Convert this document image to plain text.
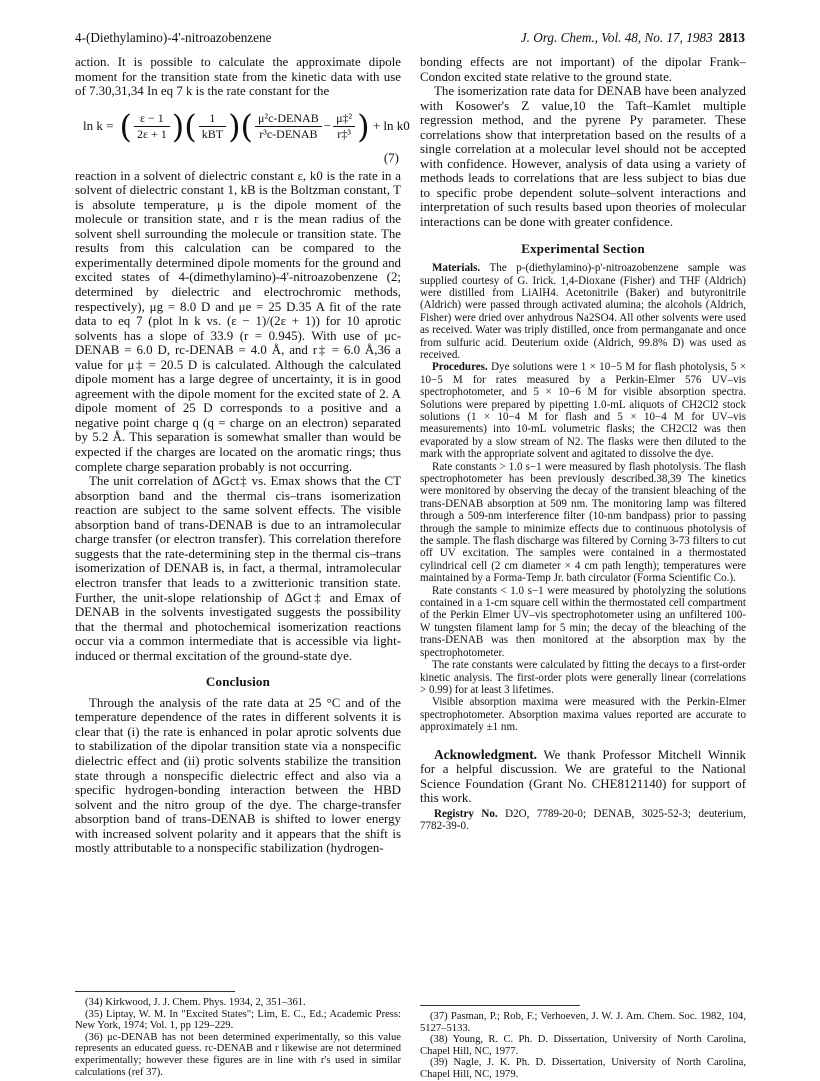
4-(Diethylamino)-4'-nitroazobenzene	J. Org. Chem., Vol. 48, No. 17, 1983 2813

action. It is possible to calculate the approximate dipole moment for the transition state from the kinetic data with use of 7.30,31,34 In eq 7 k is the rate constant for the

ln k = ( $\frac{\varepsilon - 1}{2\varepsilon + 1}$ )( $\frac{1}{\text{kBT}}$ )( $\frac{\text{μ²c-DENAB}}{\text{r³c-DENAB}} - \frac{\text{μ‡²}}{\text{r‡³}}$ ) + ln k0
(7)

reaction in a solvent of dielectric constant ε, k0 is the rate in a solvent of dielectric constant 1, kB is the Boltzman constant, T is absolute temperature, μ is the dipole moment of the molecule or transition state, and r is the mean radius of the solvent shell surrounding the molecule or transition state. The results from this calculation can be compared to the experimentally determined dipole moments for the ground and excited states of 4-(dimethylamino)-4'-nitroazobenzene (2; determined by dielectric and electrochromic methods, respectively), μg = 8.0 D and μe = 25 D.35 A fit of the rate data to eq 7 (plot ln k vs. (ε − 1)/(2ε + 1)) for 10 aprotic solvents has a slope of 33.9 (r = 0.945). With use of μc-DENAB = 6.0 D, rc-DENAB = 4.0 Å, and r‡ = 6.0 Å,36 a value for μ‡ = 20.5 D is calculated. Although the calculated dipole moment has a large degree of uncertainty, it is in good agreement with the dipole moment for the excited state of 2. A dipole moment of 25 D corresponds to a positive and a negative point charge q (q = charge on an electron) separated by 5.2 Å. This separation is somewhat smaller than would be expected if the charges are located on the aromatic rings; thus complete charge separation probably is not occurring.

The unit correlation of ΔGct‡ vs. Emax shows that the CT absorption band and the thermal cis–trans isomerization reaction are subject to the same solvent effects. The visible absorption band of trans-DENAB is due to an intramolecular charge transfer (or electron transfer). This correlation therefore suggests that the rate-determining step in the thermal cis–trans isomerization of DENAB is, in fact, a thermal, intramolecular electron transfer that leads to a zwitterionic transition state. Further, the unit-slope relationship of ΔGct‡ and Emax of DENAB in the solvents investigated suggests the possibility that the thermal and photochemical isomerization reactions occur via a common intermediate that is accessible via light-induced or thermal excitation of the ground-state dye.

Conclusion

Through the analysis of the rate data at 25 °C and of the temperature dependence of the rates in different solvents it is clear that (i) the rate is enhanced in polar aprotic solvents due to stabilization of the dipolar transition state via a nonspecific dielectric effect and (ii) protic solvents stabilize the transition state through a nonspecific dielectric effect and also via a specific hydrogen-bonding interaction between the HBD solvent and the nitro group of the dye. The charge-transfer absorption band of trans-DENAB is shifted to lower energy with increased solvent polarity and it appears that the shift is mostly attributable to a nonspecific stabilization (hydrogen-

bonding effects are not important) of the dipolar Frank–Condon excited state relative to the ground state.

The isomerization rate data for DENAB have been analyzed with Kosower's Z value,10 the Taft–Kamlet multiple regression method, and the pyrene Py parameter. These correlations show that interpretation based on the results of a single correlation at a molecular level should not be accepted with confidence. However, analysis of data using a variety of methods leads to correlations that are less subject to bias due to specific probe dependent solute–solvent interactions and interpretation of such results based upon theories of molecular interactions can be done with greater confidence.

Experimental Section

Materials. The p-(diethylamino)-p'-nitroazobenzene sample was supplied courtesy of G. Irick. 1,4-Dioxane (Fisher) and THF (Aldrich) were distilled from LiAlH4. Acetonitrile (Baker) and butyronitrile (Aldrich) were passed through activated alumina; the alcohols (Aldrich, Fisher) were dried over anhydrous Na2SO4. All other solvents were used as received. Water was triply distilled, once from permanganate and once from sulfuric acid. Deuterium oxide (Aldrich, 99.8% D) was used as received.

Procedures. Dye solutions were 1 × 10−5 M for flash photolysis, 5 × 10−5 M for rates measured by a Perkin-Elmer 576 UV–vis spectrophotometer, and 5 × 10−6 M for visible absorption spectra. Solutions were prepared by pipetting 1.0-mL aliquots of CH2Cl2 stock solutions (1 × 10−4 M for flash and 5 × 10−4 M for UV–vis measurements) into 10-mL volumetric flasks; the CH2Cl2 was then evaporated by a slow stream of N2. The flasks were then diluted to the mark with the appropriate solvent and agitated to dissolve the dye.

Rate constants > 1.0 s−1 were measured by flash photolysis. The flash spectrophotometer has been previously described.38,39 The kinetics were monitored by observing the decay of the transient bleaching of the trans-DENAB absorption at 509 nm. The monitoring lamp was filtered through a 509-nm interference filter (10-nm bandpass) prior to passing through the sample to minimize effects due to continuous photolysis of the sample. The flash discharge was filtered by Corning 3-73 filters to cut off UV excitation. The samples were contained in a thermostated cylindrical cell (2 cm diameter × 4 cm path length); temperatures were maintained by a Forma-Temp Jr. bath circulator (Forma Scientific Co.).

Rate constants < 1.0 s−1 were measured by photolyzing the solutions contained in a 1-cm square cell within the thermostated cell compartment of the Perkin Elmer UV–vis spectrophotometer using an unfiltered 100-W tungsten filament lamp for 5 min; the decay of the bleaching of the trans-DENAB was then monitored at the absorption max by the spectrophotometer.

The rate constants were calculated by fitting the decays to a first-order kinetic analysis. The first-order plots were generally linear (correlations > 0.99) for at least 3 lifetimes.

Visible absorption maxima were measured with the Perkin-Elmer spectrophotometer. Absorption maxima values reported are accurate to approximately ±1 nm.

Acknowledgment. We thank Professor Mitchell Winnik for a helpful discussion. We are grateful to the National Science Foundation (Grant No. CHE8121140) for support of this work.

Registry No. D2O, 7789-20-0; DENAB, 3025-52-3; deuterium, 7782-39-0.

(34) Kirkwood, J. J. Chem. Phys. 1934, 2, 351–361.

(35) Liptay, W. M. In "Excited States"; Lim, E. C., Ed.; Academic Press: New York, 1974; Vol. 1, pp 129–229.

(36) μc-DENAB has not been determined experimentally, so this value represents an educated guess. rc-DENAB and r likewise are not determined experimentally; however these figures are in line with r's used in similar calculations (ref 37).

(37) Pasman, P.; Rob, F.; Verhoeven, J. W. J. Am. Chem. Soc. 1982, 104, 5127–5133.

(38) Young, R. C. Ph. D. Dissertation, University of North Carolina, Chapel Hill, NC, 1977.

(39) Nagle, J. K. Ph. D. Dissertation, University of North Carolina, Chapel Hill, NC, 1979.
